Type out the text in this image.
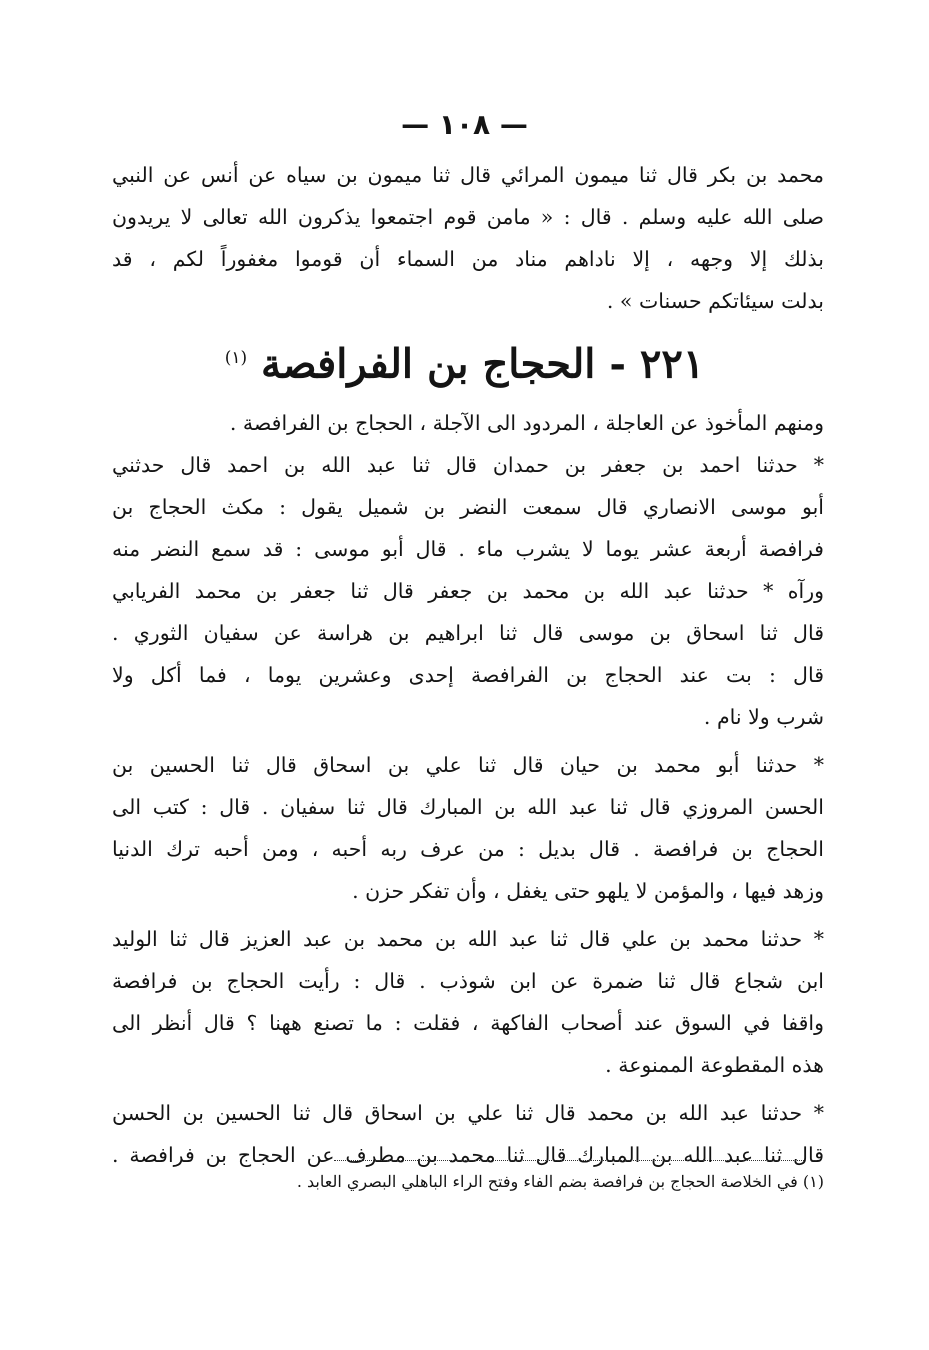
— ١٠٨ —
محمد بن بكر قال ثنا ميمون المرائي قال ثنا ميمون بن سياه عن أنس عن النبي
صلى الله عليه وسلم . قال : « مامن قوم اجتمعوا يذكرون الله تعالى لا يريدون
بذلك إلا وجهه ، إلا ناداهم مناد من السماء أن قوموا مغفوراً لكم ، قد
بدلت سيئاتكم حسنات » .
٢٢١ - الحجاج بن الفرافصة $^{(١)}$
ومنهم المأخوذ عن العاجلة ، المردود الى الآجلة ، الحجاج بن الفرافصة .
* حدثنا احمد بن جعفر بن حمدان قال ثنا عبد الله بن احمد قال حدثني
أبو موسى الانصاري قال سمعت النضر بن شميل يقول : مكث الحجاج بن
فرافصة أربعة عشر يوما لا يشرب ماء . قال أبو موسى : قد سمع النضر منه
ورآه * حدثنا عبد الله بن محمد بن جعفر قال ثنا جعفر بن محمد الفريابي
قال ثنا اسحاق بن موسى قال ثنا ابراهيم بن هراسة عن سفيان الثوري .
قال : بت عند الحجاج بن الفرافصة إحدى وعشرين يوما ، فما أكل ولا
شرب ولا نام .
* حدثنا أبو محمد بن حيان قال ثنا علي بن اسحاق قال ثنا الحسين بن
الحسن المروزي قال ثنا عبد الله بن المبارك قال ثنا سفيان . قال : كتب الى
الحجاج بن فرافصة . قال بديل : من عرف ربه أحبه ، ومن أحبه ترك الدنيا
وزهد فيها ، والمؤمن لا يلهو حتى يغفل ، وأن تفكر حزن .
* حدثنا محمد بن علي قال ثنا عبد الله بن محمد بن عبد العزيز قال ثنا الوليد
ابن شجاع قال ثنا ضمرة عن ابن شوذب . قال : رأيت الحجاج بن فرافصة
واقفا في السوق عند أصحاب الفاكهة ، فقلت : ما تصنع ههنا ؟ قال أنظر الى
هذه المقطوعة الممنوعة .
* حدثنا عبد الله بن محمد قال ثنا علي بن اسحاق قال ثنا الحسين بن الحسن
قال ثنا عبد الله بن المبارك قال ثنا محمد بن مطرف عن الحجاج بن فرافصة .
(١) في الخلاصة الحجاج بن فرافصة بضم الفاء وفتح الراء الباهلي البصري العابد .
